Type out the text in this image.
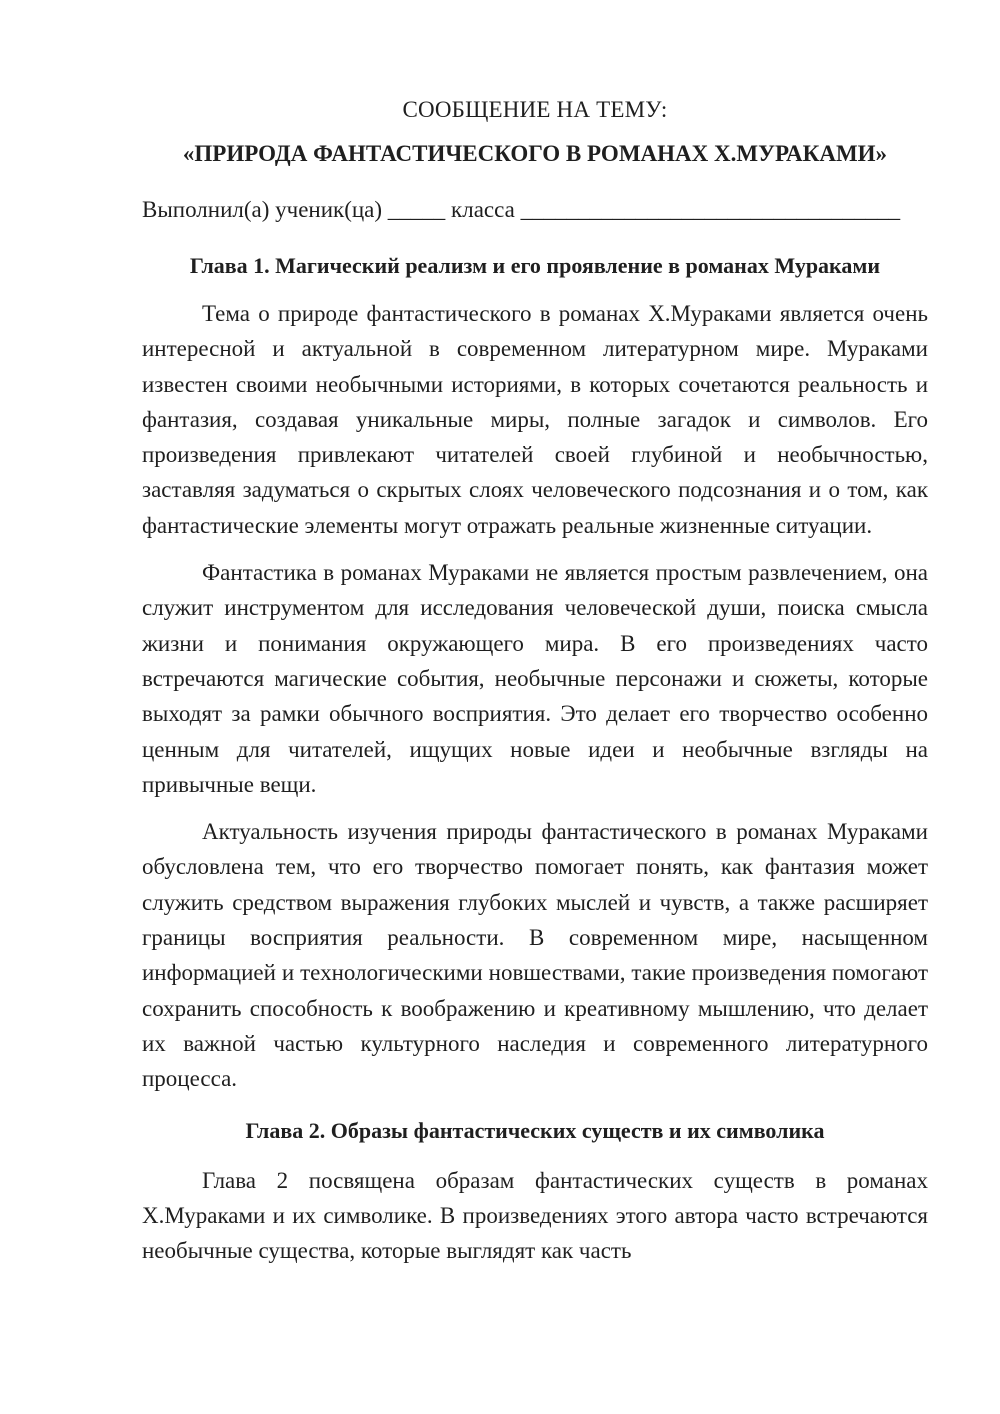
СООБЩЕНИЕ НА ТЕМУ:

«ПРИРОДА ФАНТАСТИЧЕСКОГО В РОМАНАХ Х.МУРАКАМИ»

Выполнил(а) ученик(ца) _____ класса _________________________________

Глава 1. Магический реализм и его проявление в романах Мураками

Тема о природе фантастического в романах Х.Мураками является очень интересной и актуальной в современном литературном мире. Мураками известен своими необычными историями, в которых сочетаются реальность и фантазия, создавая уникальные миры, полные загадок и символов. Его произведения привлекают читателей своей глубиной и необычностью, заставляя задуматься о скрытых слоях человеческого подсознания и о том, как фантастические элементы могут отражать реальные жизненные ситуации.

Фантастика в романах Мураками не является простым развлечением, она служит инструментом для исследования человеческой души, поиска смысла жизни и понимания окружающего мира. В его произведениях часто встречаются магические события, необычные персонажи и сюжеты, которые выходят за рамки обычного восприятия. Это делает его творчество особенно ценным для читателей, ищущих новые идеи и необычные взгляды на привычные вещи.

Актуальность изучения природы фантастического в романах Мураками обусловлена тем, что его творчество помогает понять, как фантазия может служить средством выражения глубоких мыслей и чувств, а также расширяет границы восприятия реальности. В современном мире, насыщенном информацией и технологическими новшествами, такие произведения помогают сохранить способность к воображению и креативному мышлению, что делает их важной частью культурного наследия и современного литературного процесса.

Глава 2. Образы фантастических существ и их символика

Глава 2 посвящена образам фантастических существ в романах Х.Мураками и их символике. В произведениях этого автора часто встречаются необычные существа, которые выглядят как часть
